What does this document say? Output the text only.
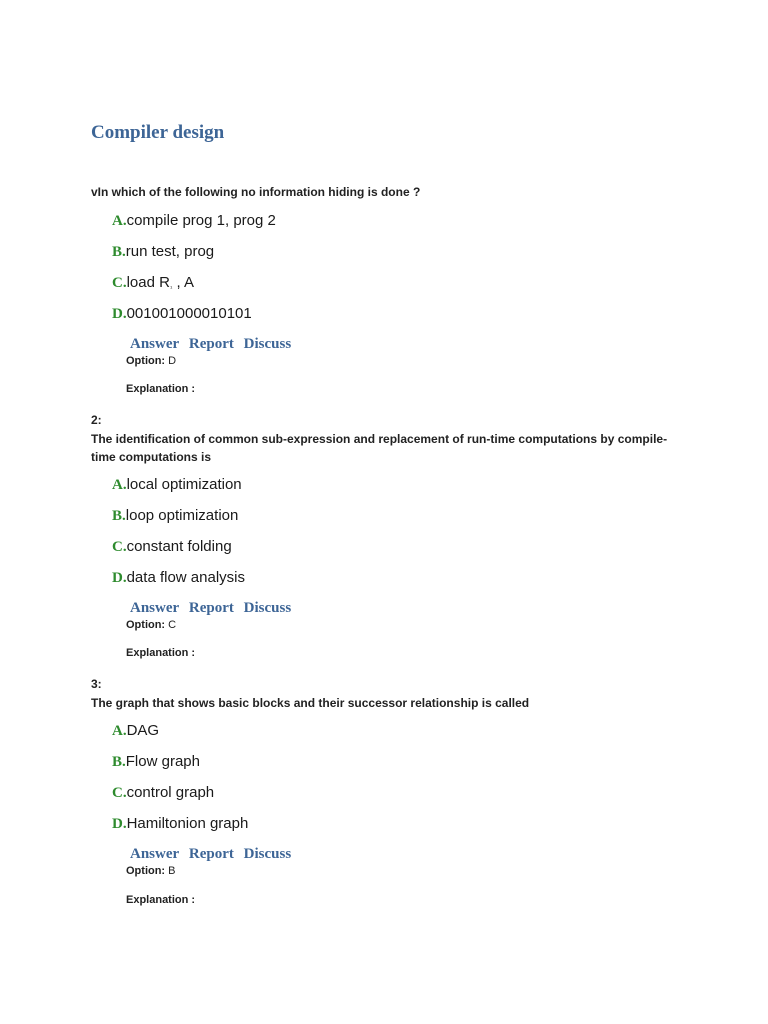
Compiler design

vIn which of the following no information hiding is done ?

A.compile prog 1, prog 2
B.run test, prog
C.load R₁ , A
D.001001000010101
Answer Report Discuss
Option: D
Explanation :
2:

The identification of common sub-expression and replacement of run-time computations by compile-time computations is

A.local optimization
B.loop optimization
C.constant folding
D.data flow analysis
Answer Report Discuss
Option: C
Explanation :
3:

The graph that shows basic blocks and their successor relationship is called

A.DAG
B.Flow graph
C.control graph
D.Hamiltonion graph
Answer Report Discuss
Option: B
Explanation :
